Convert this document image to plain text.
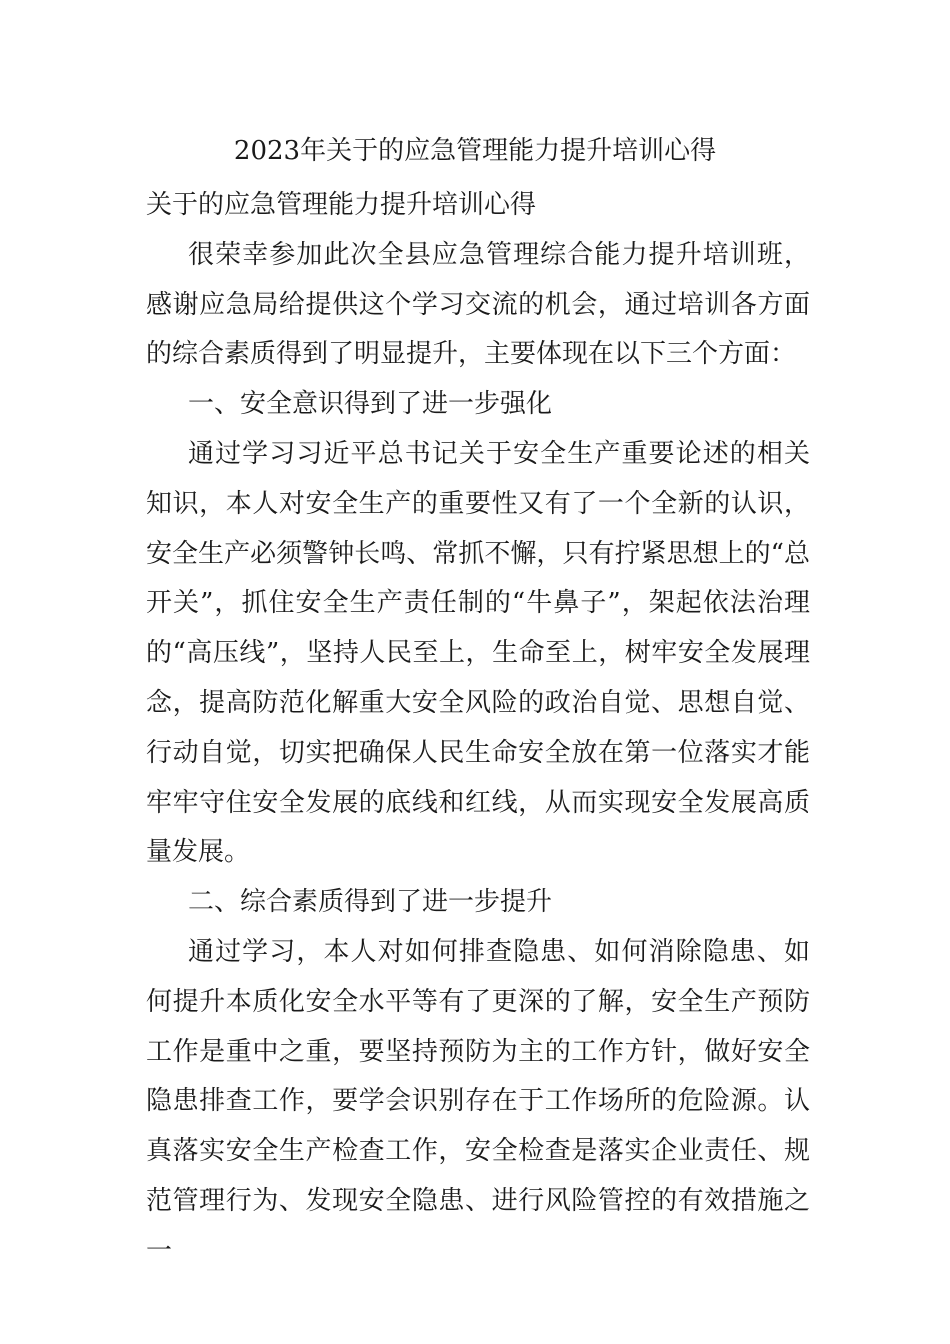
2023年关于的应急管理能力提升培训心得

关于的应急管理能力提升培训心得

很荣幸参加此次全县应急管理综合能力提升培训班，感谢应急局给提供这个学习交流的机会，通过培训各方面的综合素质得到了明显提升，主要体现在以下三个方面：

一、安全意识得到了进一步强化

通过学习习近平总书记关于安全生产重要论述的相关知识，本人对安全生产的重要性又有了一个全新的认识，安全生产必须警钟长鸣、常抓不懈，只有拧紧思想上的“总开关”，抓住安全生产责任制的“牛鼻子”，架起依法治理的“高压线”，坚持人民至上，生命至上，树牢安全发展理念，提高防范化解重大安全风险的政治自觉、思想自觉、行动自觉，切实把确保人民生命安全放在第一位落实才能牢牢守住安全发展的底线和红线，从而实现安全发展高质量发展。

二、综合素质得到了进一步提升

通过学习，本人对如何排查隐患、如何消除隐患、如何提升本质化安全水平等有了更深的了解，安全生产预防工作是重中之重，要坚持预防为主的工作方针，做好安全隐患排查工作，要学会识别存在于工作场所的危险源。认真落实安全生产检查工作，安全检查是落实企业责任、规范管理行为、发现安全隐患、进行风险管控的有效措施之一
